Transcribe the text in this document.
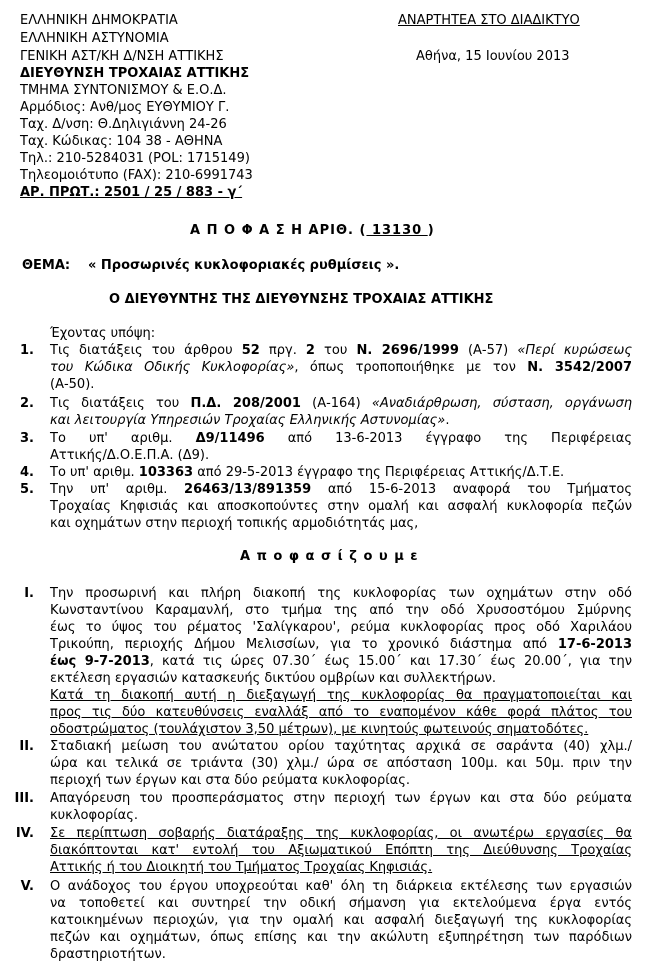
ΕΛΛΗΝΙΚΗ ΔΗΜΟΚΡΑΤΙΑ
ΕΛΛΗΝΙΚΗ ΑΣΤΥΝΟΜΙΑ
ΓΕΝΙΚΗ ΑΣΤ/ΚΗ Δ/ΝΣΗ ΑΤΤΙΚΗΣ
ΔΙΕΥΘΥΝΣΗ ΤΡΟΧΑΙΑΣ ΑΤΤΙΚΗΣ
ΤΜΗΜΑ ΣΥΝΤΟΝΙΣΜΟΥ & Ε.Ο.Δ.
Αρμόδιος: Ανθ/μος ΕΥΘΥΜΙΟΥ Γ.
Ταχ. Δ/νση: Θ.Δηλιγιάννη 24-26
Ταχ. Κώδικας: 104 38 - ΑΘΗΝΑ
Τηλ.: 210-5284031 (POL: 1715149)
Τηλεομοιότυπο (FAX): 210-6991743
ΑΡ. ΠΡΩΤ.: 2501 / 25 / 883 - γ΄
ΑΝΑΡΤΗΤΕΑ ΣΤΟ ΔΙΑΔΙΚΤΥΟ
Αθήνα, 15 Ιουνίου 2013
Α Π Ο Φ Α Σ Η ΑΡΙΘ. ( 13130 )
ΘΕΜΑ: « Προσωρινές κυκλοφοριακές ρυθμίσεις ».
Ο ΔΙΕΥΘΥΝΤΗΣ ΤΗΣ ΔΙΕΥΘΥΝΣΗΣ ΤΡΟΧΑΙΑΣ ΑΤΤΙΚΗΣ
Έχοντας υπόψη:
1. Τις διατάξεις του άρθρου 52 πργ. 2 του Ν. 2696/1999 (Α-57) «Περί κυρώσεως
του Κώδικα Οδικής Κυκλοφορίας», όπως τροποποιήθηκε με τον Ν. 3542/2007
(Α-50).
2. Τις διατάξεις του Π.Δ. 208/2001 (Α-164) «Αναδιάρθρωση, σύσταση, οργάνωση
και λειτουργία Υπηρεσιών Τροχαίας Ελληνικής Αστυνομίας».
3. Το υπ' αριθμ. Δ9/11496 από 13-6-2013 έγγραφο της Περιφέρειας
Αττικής/Δ.Ο.Ε.Π.Α. (Δ9).
4. Το υπ' αριθμ. 103363 από 29-5-2013 έγγραφο της Περιφέρειας Αττικής/Δ.Τ.Ε.
5. Την υπ' αριθμ. 26463/13/891359 από 15-6-2013 αναφορά του Τμήματος
Τροχαίας Κηφισιάς και αποσκοπούντες στην ομαλή και ασφαλή κυκλοφορία πεζών
και οχημάτων στην περιοχή τοπικής αρμοδιότητάς μας,
Α π ο φ α σ ί ζ ο υ μ ε
I. Την προσωρινή και πλήρη διακοπή της κυκλοφορίας των οχημάτων στην οδό
Κωνσταντίνου Καραμανλή, στο τμήμα της από την οδό Χρυσοστόμου Σμύρνης
έως το ύψος του ρέματος 'Σαλίγκαρου', ρεύμα κυκλοφορίας προς οδό Χαριλάου
Τρικούπη, περιοχής Δήμου Μελισσίων, για το χρονικό διάστημα από 17-6-2013
έως 9-7-2013, κατά τις ώρες 07.30΄ έως 15.00΄ και 17.30΄ έως 20.00΄, για την
εκτέλεση εργασιών κατασκευής δικτύου ομβρίων και συλλεκτήρων.
Κατά τη διακοπή αυτή η διεξαγωγή της κυκλοφορίας θα πραγματοποιείται και
προς τις δύο κατευθύνσεις εναλλάξ από το εναπομένον κάθε φορά πλάτος του
οδοστρώματος (τουλάχιστον 3,50 μέτρων), με κινητούς φωτεινούς σηματοδότες.
II. Σταδιακή μείωση του ανώτατου ορίου ταχύτητας αρχικά σε σαράντα (40) χλμ./
ώρα και τελικά σε τριάντα (30) χλμ./ ώρα σε απόσταση 100μ. και 50μ. πριν την
περιοχή των έργων και στα δύο ρεύματα κυκλοφορίας.
III. Απαγόρευση του προσπεράσματος στην περιοχή των έργων και στα δύο ρεύματα
κυκλοφορίας.
IV. Σε περίπτωση σοβαρής διατάραξης της κυκλοφορίας, οι ανωτέρω εργασίες θα
διακόπτονται κατ' εντολή του Αξιωματικού Επόπτη της Διεύθυνσης Τροχαίας
Αττικής ή του Διοικητή του Τμήματος Τροχαίας Κηφισιάς.
V. Ο ανάδοχος του έργου υποχρεούται καθ' όλη τη διάρκεια εκτέλεσης των εργασιών
να τοποθετεί και συντηρεί την οδική σήμανση για εκτελούμενα έργα εντός
κατοικημένων περιοχών, για την ομαλή και ασφαλή διεξαγωγή της κυκλοφορίας
πεζών και οχημάτων, όπως επίσης και την ακώλυτη εξυπηρέτηση των παρόδιων
δραστηριοτήτων.
